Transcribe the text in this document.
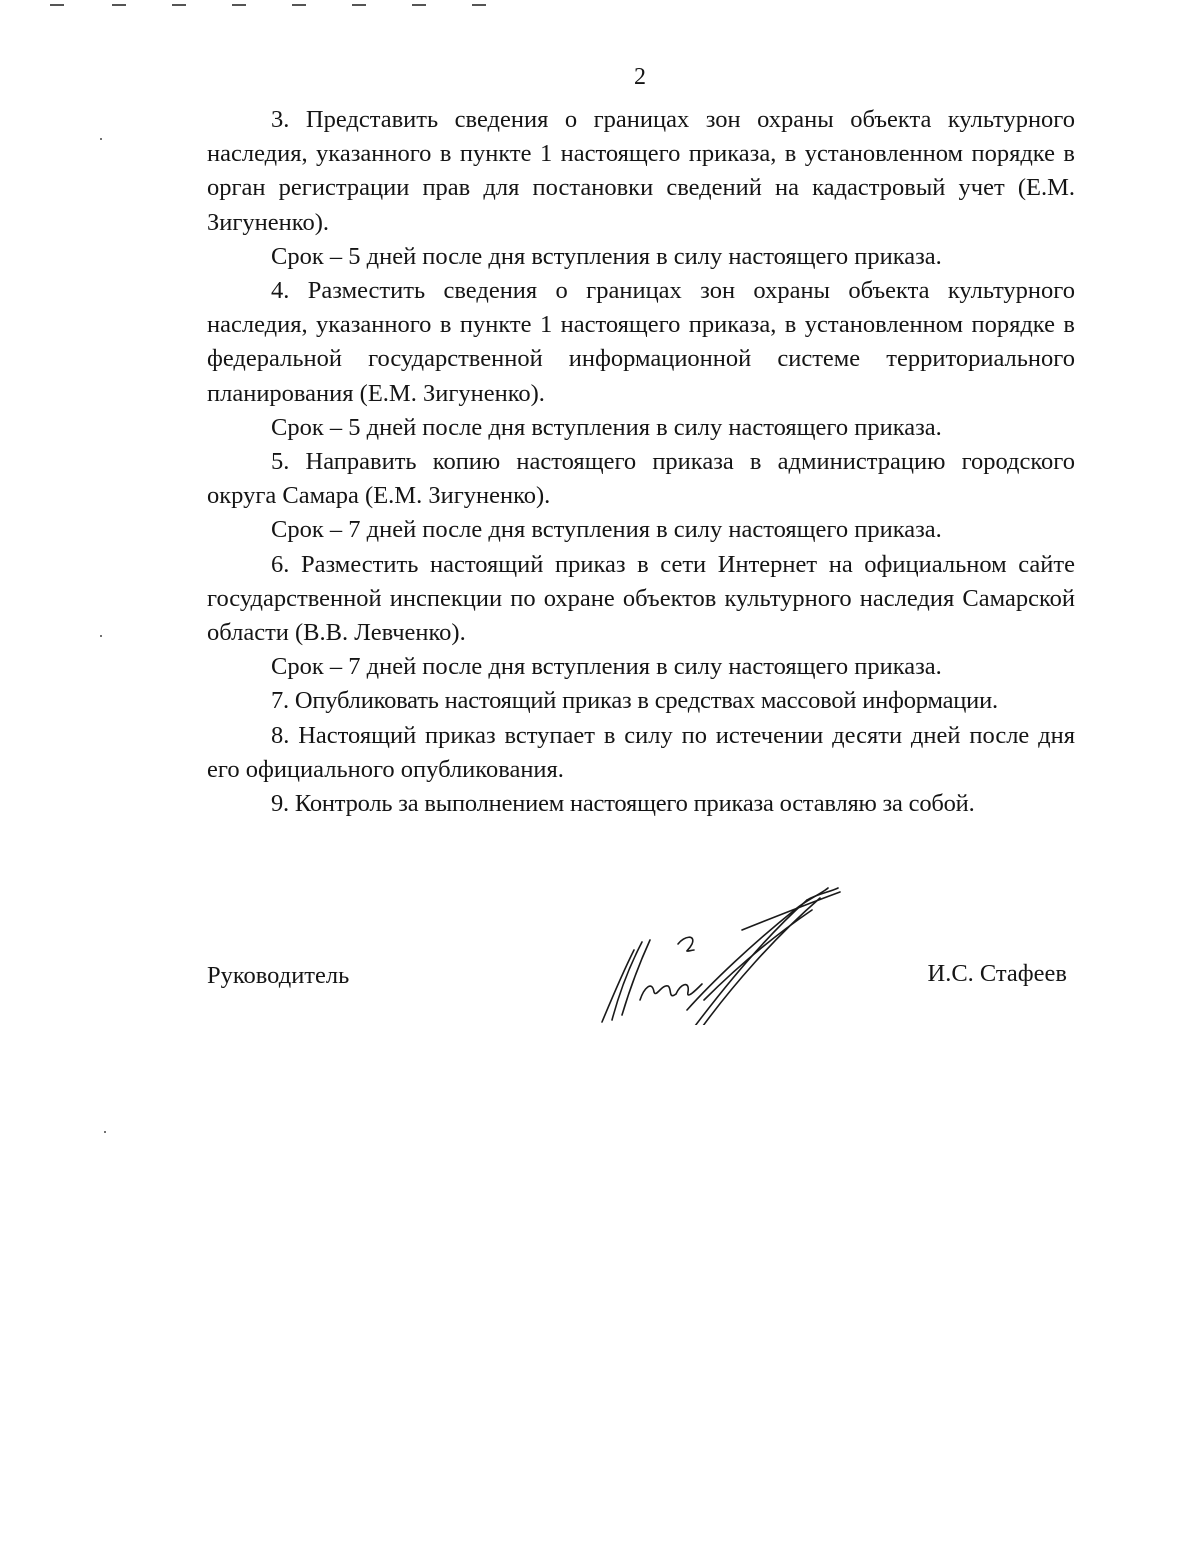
2

3. Представить сведения о границах зон охраны объекта культурного наследия, указанного в пункте 1 настоящего приказа, в установленном порядке в орган регистрации прав для постановки сведений на кадастровый учет (Е.М. Зигуненко).

Срок – 5 дней после дня вступления в силу настоящего приказа.

4. Разместить сведения о границах зон охраны объекта культурного наследия, указанного в пункте 1 настоящего приказа, в установленном порядке в федеральной государственной информационной системе территориального планирования (Е.М. Зигуненко).

Срок – 5 дней после дня вступления в силу настоящего приказа.

5. Направить копию настоящего приказа в администрацию городского округа Самара (Е.М. Зигуненко).

Срок – 7 дней после дня вступления в силу настоящего приказа.

6. Разместить настоящий приказ в сети Интернет на официальном сайте государственной инспекции по охране объектов культурного наследия Самарской области (В.В. Левченко).

Срок – 7 дней после дня вступления в силу настоящего приказа.

7. Опубликовать настоящий приказ в средствах массовой информации.

8. Настоящий приказ вступает в силу по истечении десяти дней после дня его официального опубликования.

9. Контроль за выполнением настоящего приказа оставляю за собой.

Руководитель	И.С. Стафеев
